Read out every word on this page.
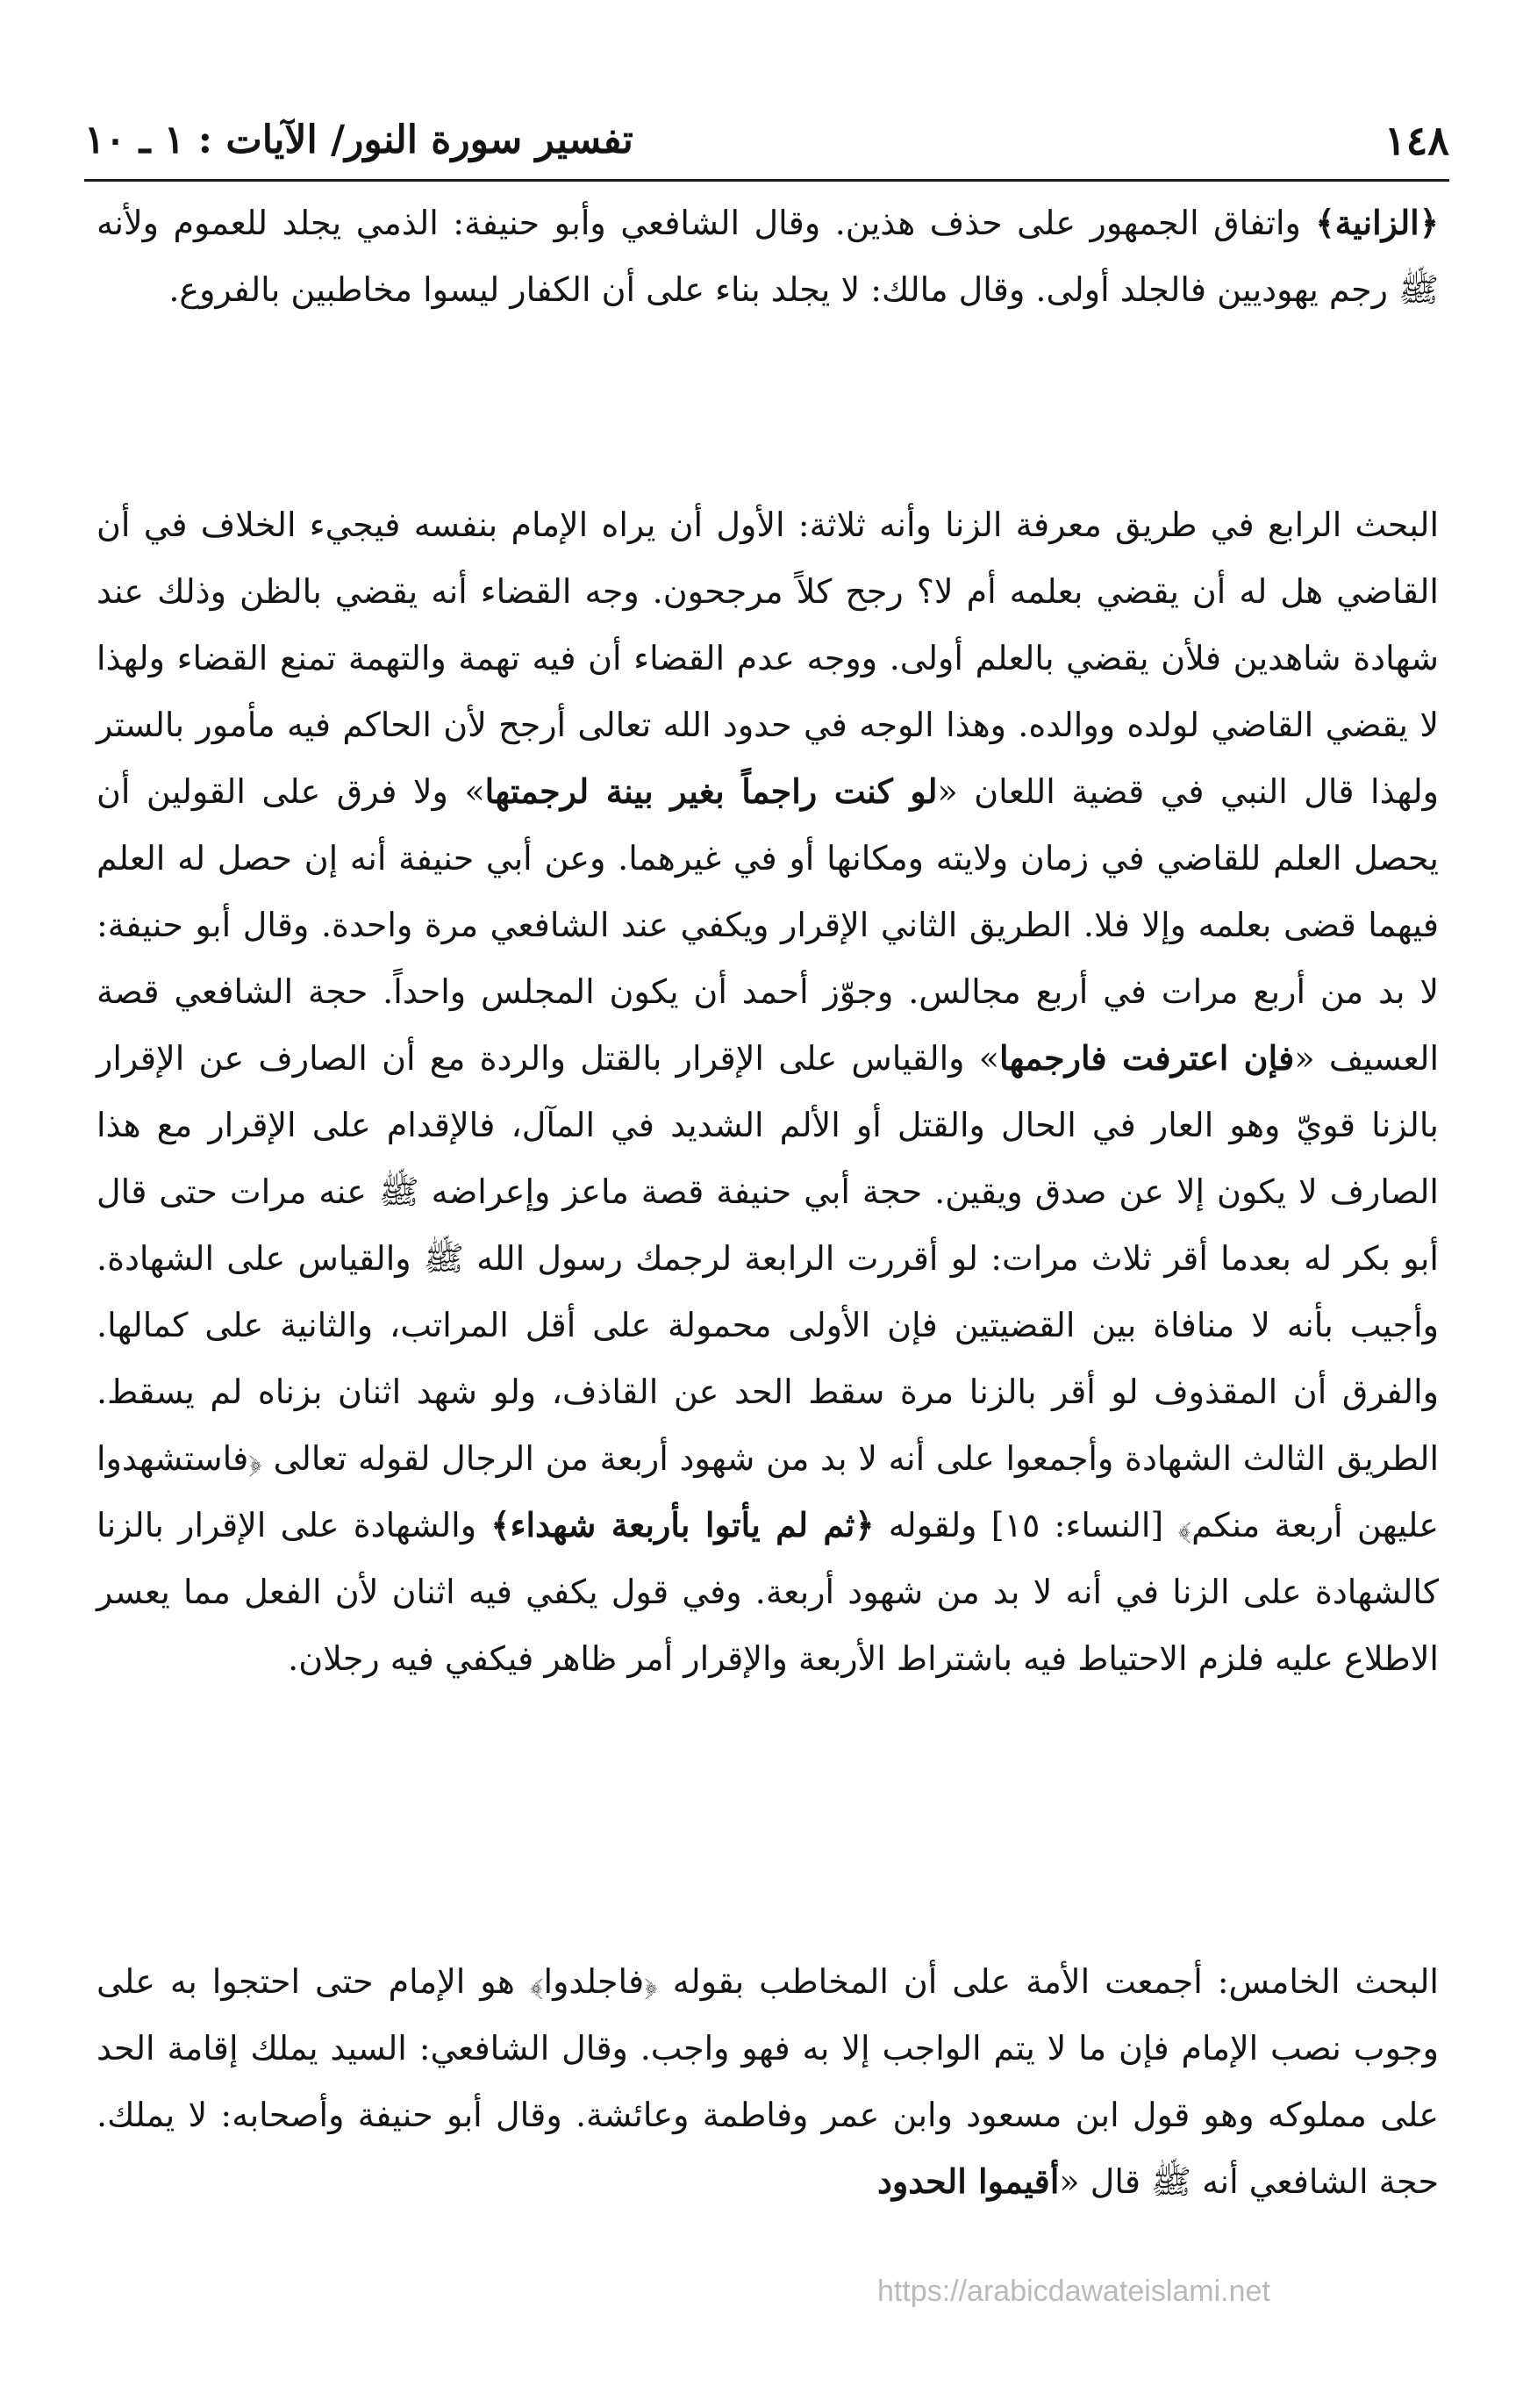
١٤٨
تفسير سورة النور/ الآيات : ١ ـ ١٠

﴿الزانية﴾ واتفاق الجمهور على حذف هذين. وقال الشافعي وأبو حنيفة: الذمي يجلد للعموم ولأنه ﷺ رجم يهوديين فالجلد أولى. وقال مالك: لا يجلد بناء على أن الكفار ليسوا مخاطبين بالفروع.

البحث الرابع في طريق معرفة الزنا وأنه ثلاثة: الأول أن يراه الإمام بنفسه فيجيء الخلاف في أن القاضي هل له أن يقضي بعلمه أم لا؟ رجح كلاً مرجحون. وجه القضاء أنه يقضي بالظن وذلك عند شهادة شاهدين فلأن يقضي بالعلم أولى. ووجه عدم القضاء أن فيه تهمة والتهمة تمنع القضاء ولهذا لا يقضي القاضي لولده ووالده. وهذا الوجه في حدود الله تعالى أرجح لأن الحاكم فيه مأمور بالستر ولهذا قال النبي في قضية اللعان «لو كنت راجماً بغير بينة لرجمتها» ولا فرق على القولين أن يحصل العلم للقاضي في زمان ولايته ومكانها أو في غيرهما. وعن أبي حنيفة أنه إن حصل له العلم فيهما قضى بعلمه وإلا فلا. الطريق الثاني الإقرار ويكفي عند الشافعي مرة واحدة. وقال أبو حنيفة: لا بد من أربع مرات في أربع مجالس. وجوّز أحمد أن يكون المجلس واحداً. حجة الشافعي قصة العسيف «فإن اعترفت فارجمها» والقياس على الإقرار بالقتل والردة مع أن الصارف عن الإقرار بالزنا قويّ وهو العار في الحال والقتل أو الألم الشديد في المآل، فالإقدام على الإقرار مع هذا الصارف لا يكون إلا عن صدق ويقين. حجة أبي حنيفة قصة ماعز وإعراضه ﷺ عنه مرات حتى قال أبو بكر له بعدما أقر ثلاث مرات: لو أقررت الرابعة لرجمك رسول الله ﷺ والقياس على الشهادة. وأجيب بأنه لا منافاة بين القضيتين فإن الأولى محمولة على أقل المراتب، والثانية على كمالها. والفرق أن المقذوف لو أقر بالزنا مرة سقط الحد عن القاذف، ولو شهد اثنان بزناه لم يسقط. الطريق الثالث الشهادة وأجمعوا على أنه لا بد من شهود أربعة من الرجال لقوله تعالى ﴿فاستشهدوا عليهن أربعة منكم﴾ [النساء: ١٥] ولقوله ﴿ثم لم يأتوا بأربعة شهداء﴾ والشهادة على الإقرار بالزنا كالشهادة على الزنا في أنه لا بد من شهود أربعة. وفي قول يكفي فيه اثنان لأن الفعل مما يعسر الاطلاع عليه فلزم الاحتياط فيه باشتراط الأربعة والإقرار أمر ظاهر فيكفي فيه رجلان.

البحث الخامس: أجمعت الأمة على أن المخاطب بقوله ﴿فاجلدوا﴾ هو الإمام حتى احتجوا به على وجوب نصب الإمام فإن ما لا يتم الواجب إلا به فهو واجب. وقال الشافعي: السيد يملك إقامة الحد على مملوكه وهو قول ابن مسعود وابن عمر وفاطمة وعائشة. وقال أبو حنيفة وأصحابه: لا يملك. حجة الشافعي أنه ﷺ قال «أقيموا الحدود

https://arabicdawateislami.net
